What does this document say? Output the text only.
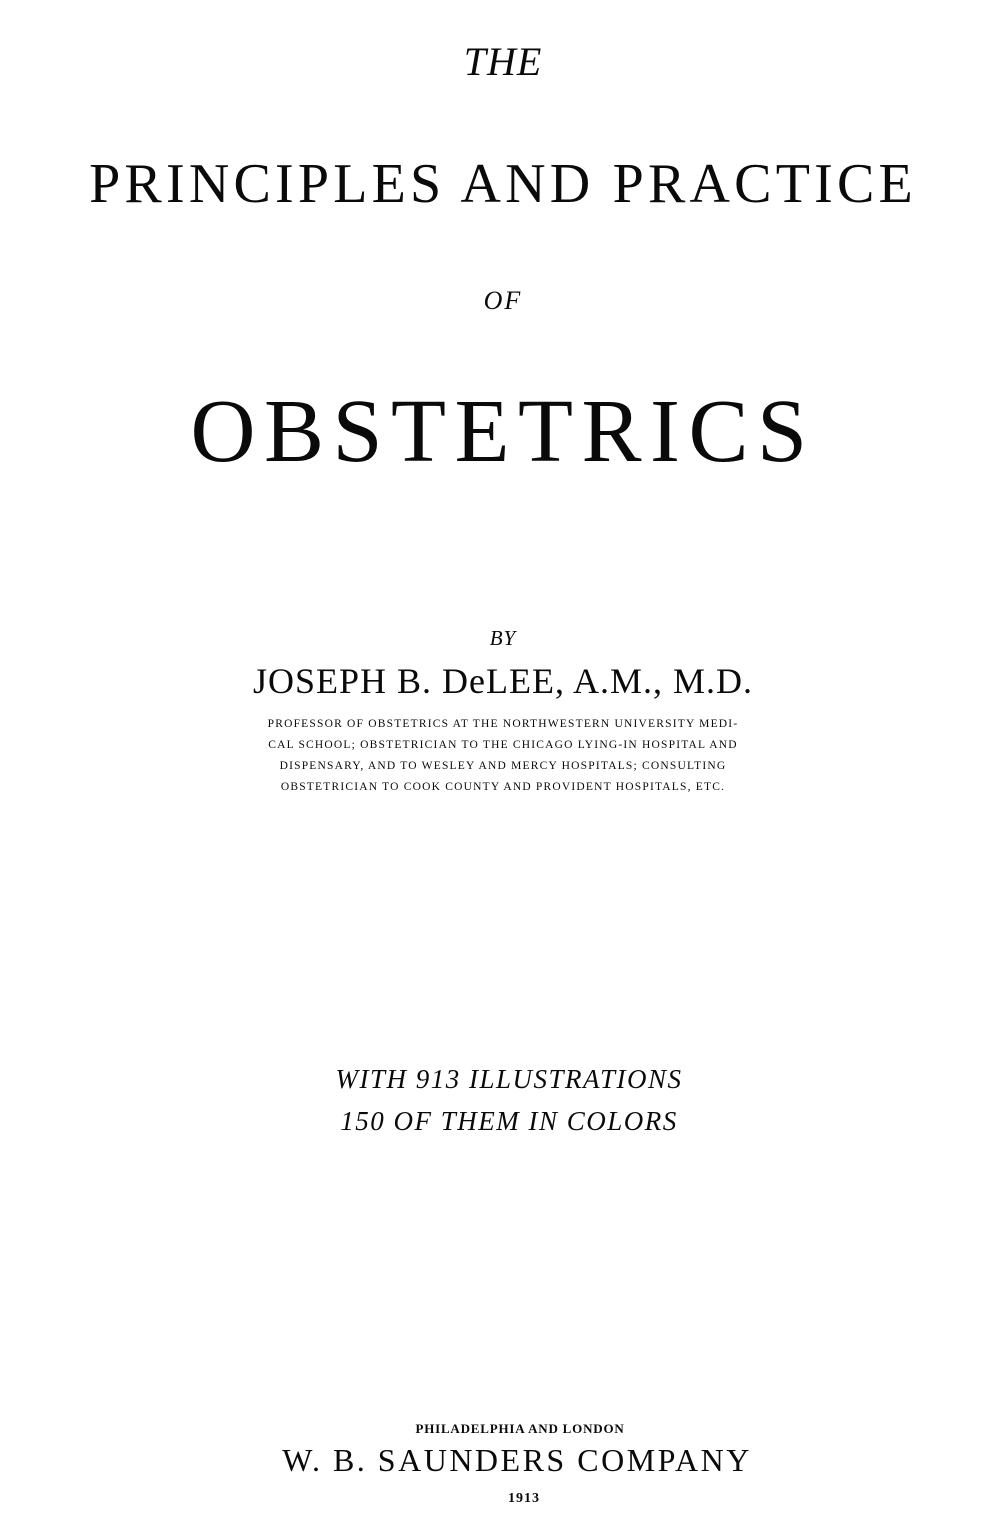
THE

PRINCIPLES AND PRACTICE

OF

OBSTETRICS

BY

JOSEPH B. DeLEE, A.M., M.D.

PROFESSOR OF OBSTETRICS AT THE NORTHWESTERN UNIVERSITY MEDI-
CAL SCHOOL; OBSTETRICIAN TO THE CHICAGO LYING-IN HOSPITAL AND
DISPENSARY, AND TO WESLEY AND MERCY HOSPITALS; CONSULTING
OBSTETRICIAN TO COOK COUNTY AND PROVIDENT HOSPITALS, ETC.

WITH 913 ILLUSTRATIONS

150 OF THEM IN COLORS

PHILADELPHIA AND LONDON

W. B. SAUNDERS COMPANY

1913
